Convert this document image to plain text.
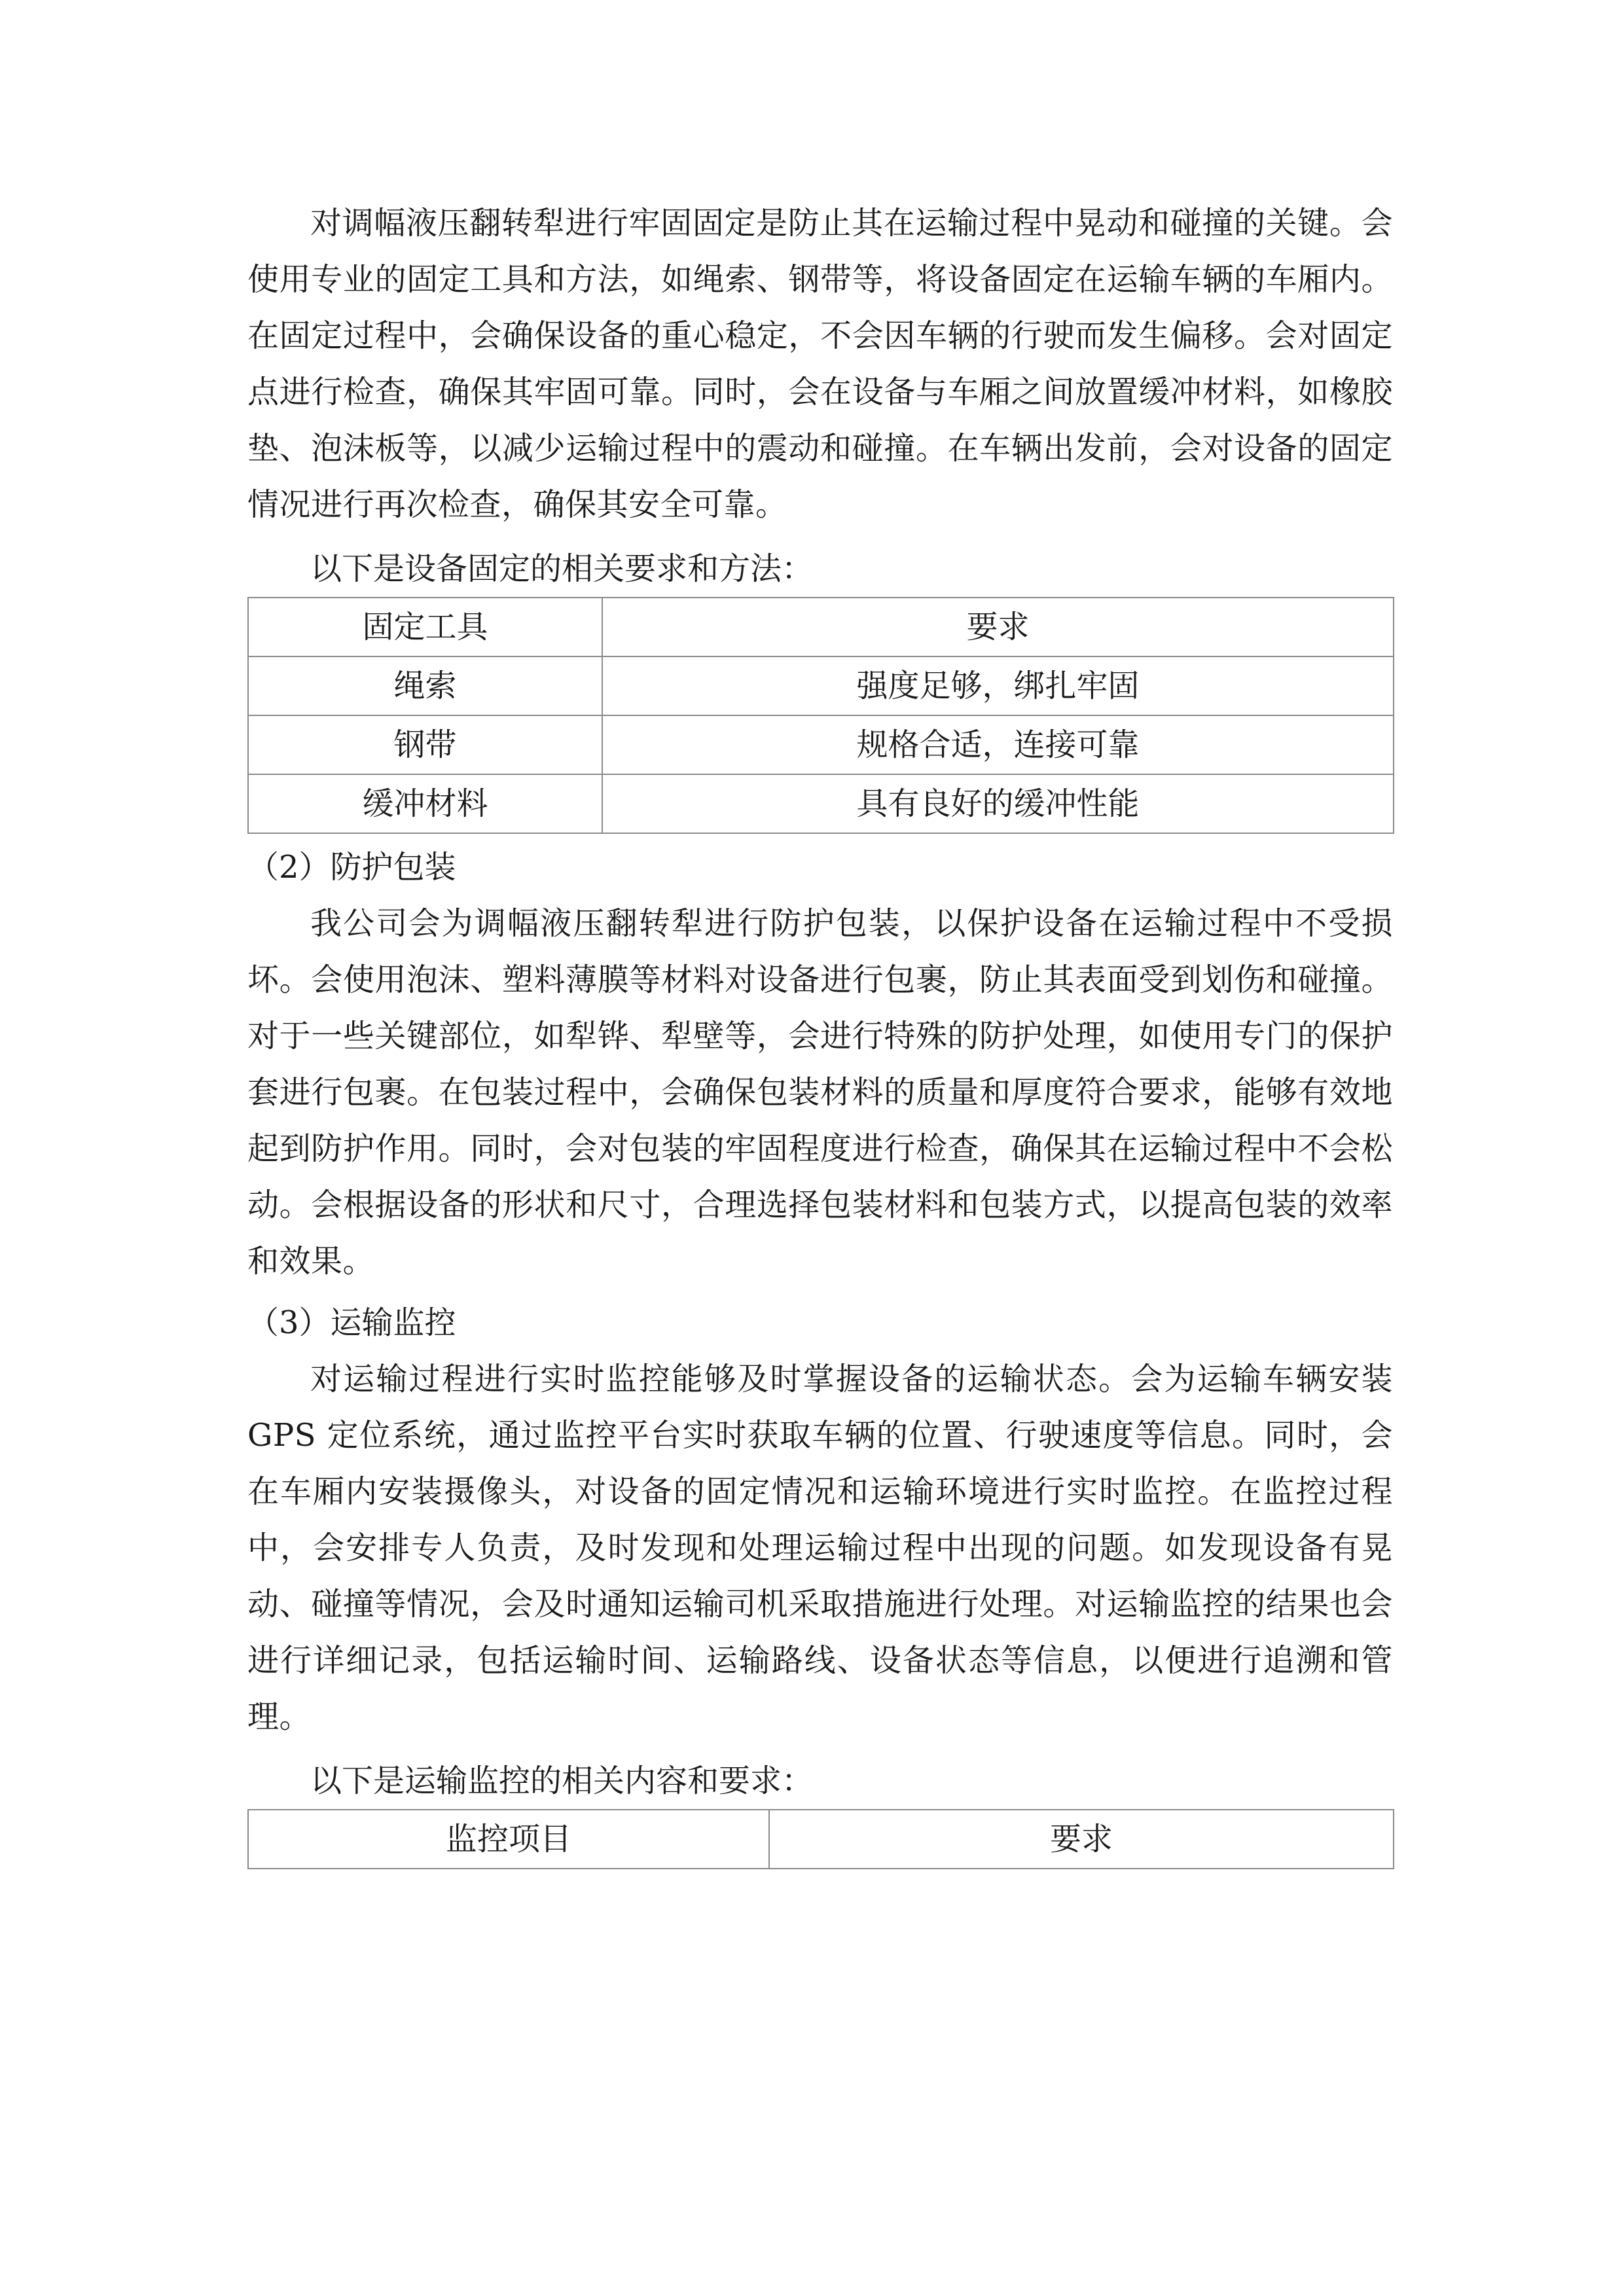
对调幅液压翻转犁进行牢固固定是防止其在运输过程中晃动和碰撞的关键。会使用专业的固定工具和方法，如绳索、钢带等，将设备固定在运输车辆的车厢内。在固定过程中，会确保设备的重心稳定，不会因车辆的行驶而发生偏移。会对固定点进行检查，确保其牢固可靠。同时，会在设备与车厢之间放置缓冲材料，如橡胶垫、泡沫板等，以减少运输过程中的震动和碰撞。在车辆出发前，会对设备的固定情况进行再次检查，确保其安全可靠。

以下是设备固定的相关要求和方法：

固定工具	要求
绳索	强度足够，绑扎牢固
钢带	规格合适，连接可靠
缓冲材料	具有良好的缓冲性能

（2）防护包装

我公司会为调幅液压翻转犁进行防护包装，以保护设备在运输过程中不受损坏。会使用泡沫、塑料薄膜等材料对设备进行包裹，防止其表面受到划伤和碰撞。对于一些关键部位，如犁铧、犁壁等，会进行特殊的防护处理，如使用专门的保护套进行包裹。在包装过程中，会确保包装材料的质量和厚度符合要求，能够有效地起到防护作用。同时，会对包装的牢固程度进行检查，确保其在运输过程中不会松动。会根据设备的形状和尺寸，合理选择包装材料和包装方式，以提高包装的效率和效果。

（3）运输监控

对运输过程进行实时监控能够及时掌握设备的运输状态。会为运输车辆安装 GPS 定位系统，通过监控平台实时获取车辆的位置、行驶速度等信息。同时，会在车厢内安装摄像头，对设备的固定情况和运输环境进行实时监控。在监控过程中，会安排专人负责，及时发现和处理运输过程中出现的问题。如发现设备有晃动、碰撞等情况，会及时通知运输司机采取措施进行处理。对运输监控的结果也会进行详细记录，包括运输时间、运输路线、设备状态等信息，以便进行追溯和管理。

以下是运输监控的相关内容和要求：

监控项目	要求
